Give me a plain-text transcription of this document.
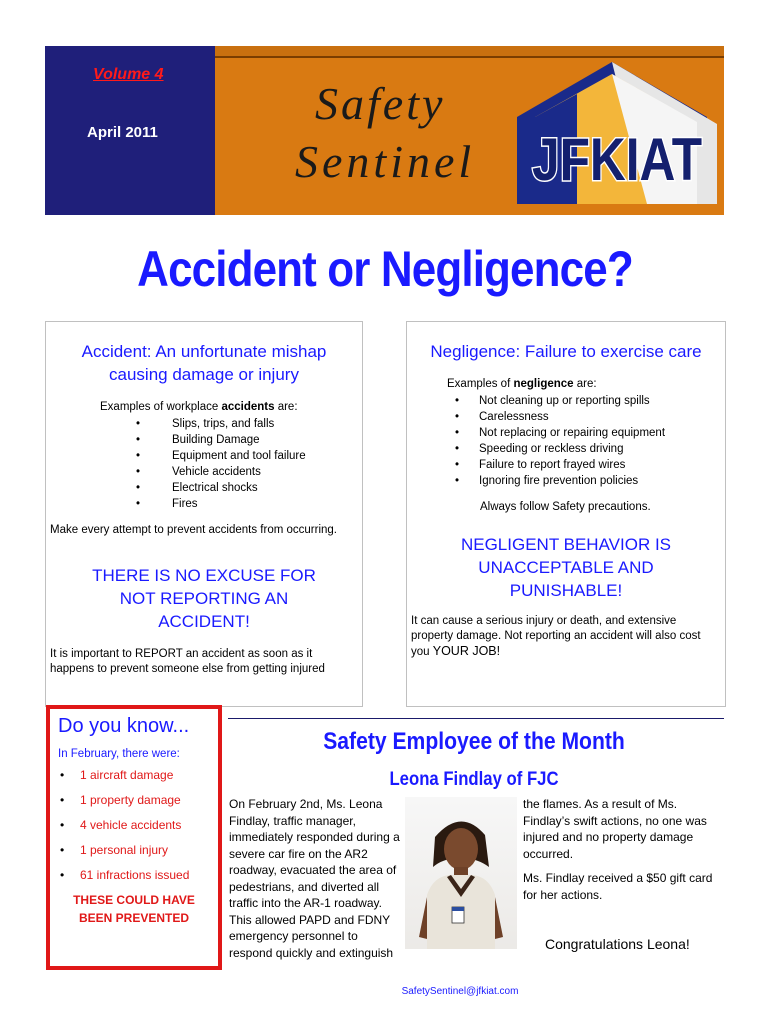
Volume 4
April 2011
Safety
Sentinel JFKIAT
Accident or Negligence?
Accident: An unfortunate mishap causing damage or injury
Examples of workplace accidents are:
•	Slips, trips, and falls
•	Building Damage
•	Equipment and tool failure
•	Vehicle accidents
•	Electrical shocks
•	Fires
Make every attempt to prevent accidents from occurring.
THERE IS NO EXCUSE FOR NOT REPORTING AN ACCIDENT!
It is important to REPORT an accident as soon as it happens to prevent someone else from getting injured
Negligence: Failure to exercise care
Examples of negligence are:
• Not cleaning up or reporting spills
• Carelessness
• Not replacing or repairing equipment
• Speeding or reckless driving
• Failure to report frayed wires
• Ignoring fire prevention policies
Always follow Safety precautions.
NEGLIGENT BEHAVIOR IS UNACCEPTABLE AND PUNISHABLE!
It can cause a serious injury or death, and extensive property damage. Not reporting an accident will also cost you YOUR JOB!
Do you know...
In February, there were:
• 1 aircraft damage
• 1 property damage
• 4 vehicle accidents
• 1 personal injury
• 61 infractions issued
THESE COULD HAVE
BEEN PREVENTED
Safety Employee of the Month
Leona Findlay of FJC
On February 2nd, Ms. Leona Findlay, traffic manager, immediately responded during a severe car fire on the AR2 roadway, evacuated the area of pedestrians, and diverted all traffic into the AR-1 roadway. This allowed PAPD and FDNY emergency personnel to respond quickly and extinguish

the flames. As a result of Ms. Findlay’s swift actions, no one was injured and no property damage occurred.

Ms. Findlay received a $50 gift card for her actions.

Congratulations Leona!
SafetySentinel@jfkiat.com
